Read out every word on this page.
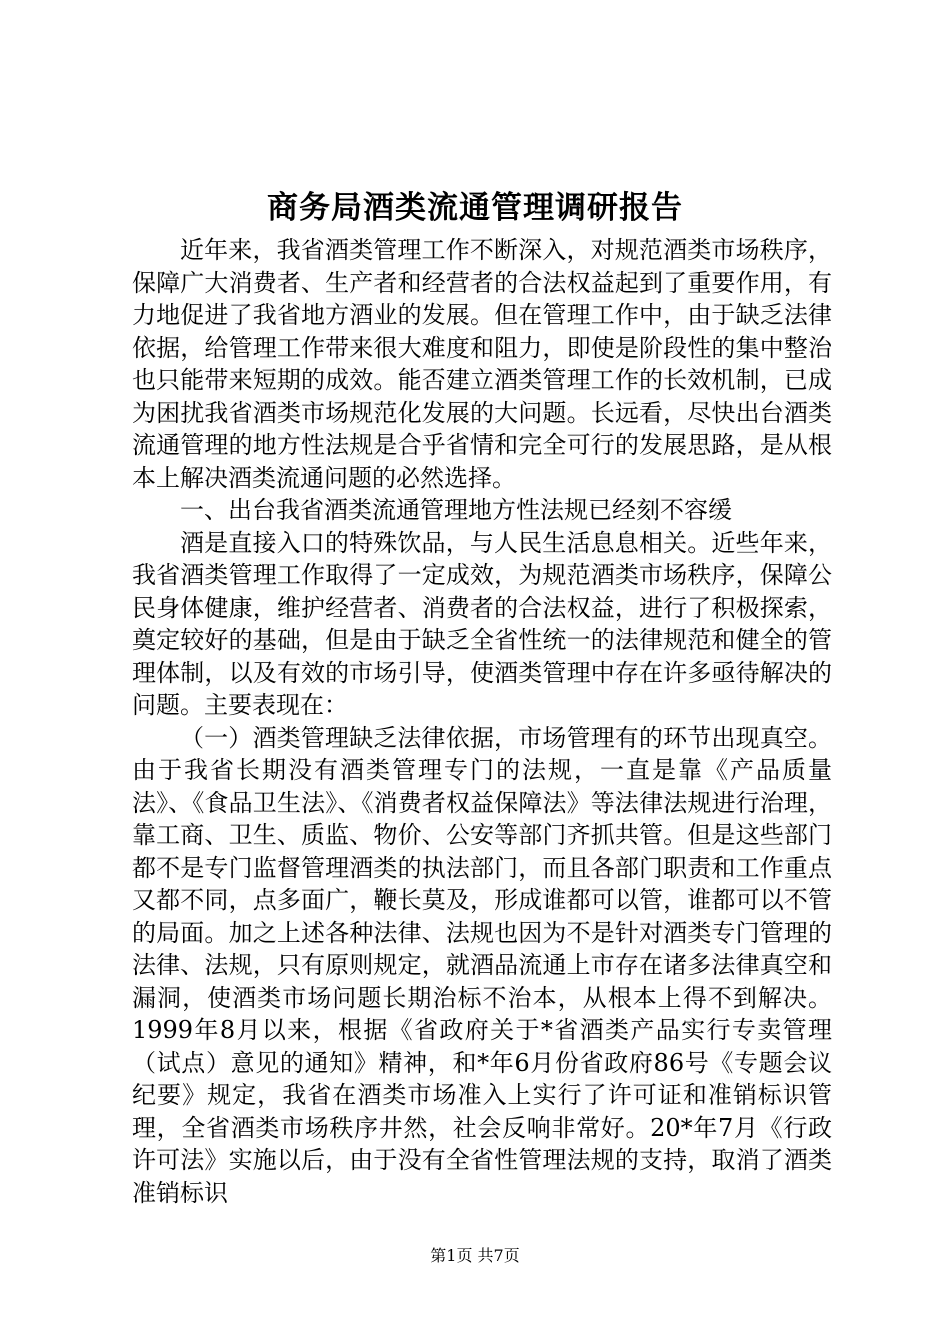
商务局酒类流通管理调研报告

近年来，我省酒类管理工作不断深入，对规范酒类市场秩序，保障广大消费者、生产者和经营者的合法权益起到了重要作用，有力地促进了我省地方酒业的发展。但在管理工作中，由于缺乏法律依据，给管理工作带来很大难度和阻力，即使是阶段性的集中整治也只能带来短期的成效。能否建立酒类管理工作的长效机制，已成为困扰我省酒类市场规范化发展的大问题。长远看，尽快出台酒类流通管理的地方性法规是合乎省情和完全可行的发展思路，是从根本上解决酒类流通问题的必然选择。

一、出台我省酒类流通管理地方性法规已经刻不容缓

酒是直接入口的特殊饮品，与人民生活息息相关。近些年来，我省酒类管理工作取得了一定成效，为规范酒类市场秩序，保障公民身体健康，维护经营者、消费者的合法权益，进行了积极探索，奠定较好的基础，但是由于缺乏全省性统一的法律规范和健全的管理体制，以及有效的市场引导，使酒类管理中存在许多亟待解决的问题。主要表现在：

（一）酒类管理缺乏法律依据，市场管理有的环节出现真空。由于我省长期没有酒类管理专门的法规，一直是靠《产品质量法》、《食品卫生法》、《消费者权益保障法》等法律法规进行治理，靠工商、卫生、质监、物价、公安等部门齐抓共管。但是这些部门都不是专门监督管理酒类的执法部门，而且各部门职责和工作重点又都不同，点多面广，鞭长莫及，形成谁都可以管，谁都可以不管的局面。加之上述各种法律、法规也因为不是针对酒类专门管理的法律、法规，只有原则规定，就酒品流通上市存在诸多法律真空和漏洞，使酒类市场问题长期治标不治本，从根本上得不到解决。1999年8月以来，根据《省政府关于*省酒类产品实行专卖管理（试点）意见的通知》精神，和*年6月份省政府86号《专题会议纪要》规定，我省在酒类市场准入上实行了许可证和准销标识管理，全省酒类市场秩序井然，社会反响非常好。20*年7月《行政许可法》实施以后，由于没有全省性管理法规的支持，取消了酒类准销标识

第1页 共7页
